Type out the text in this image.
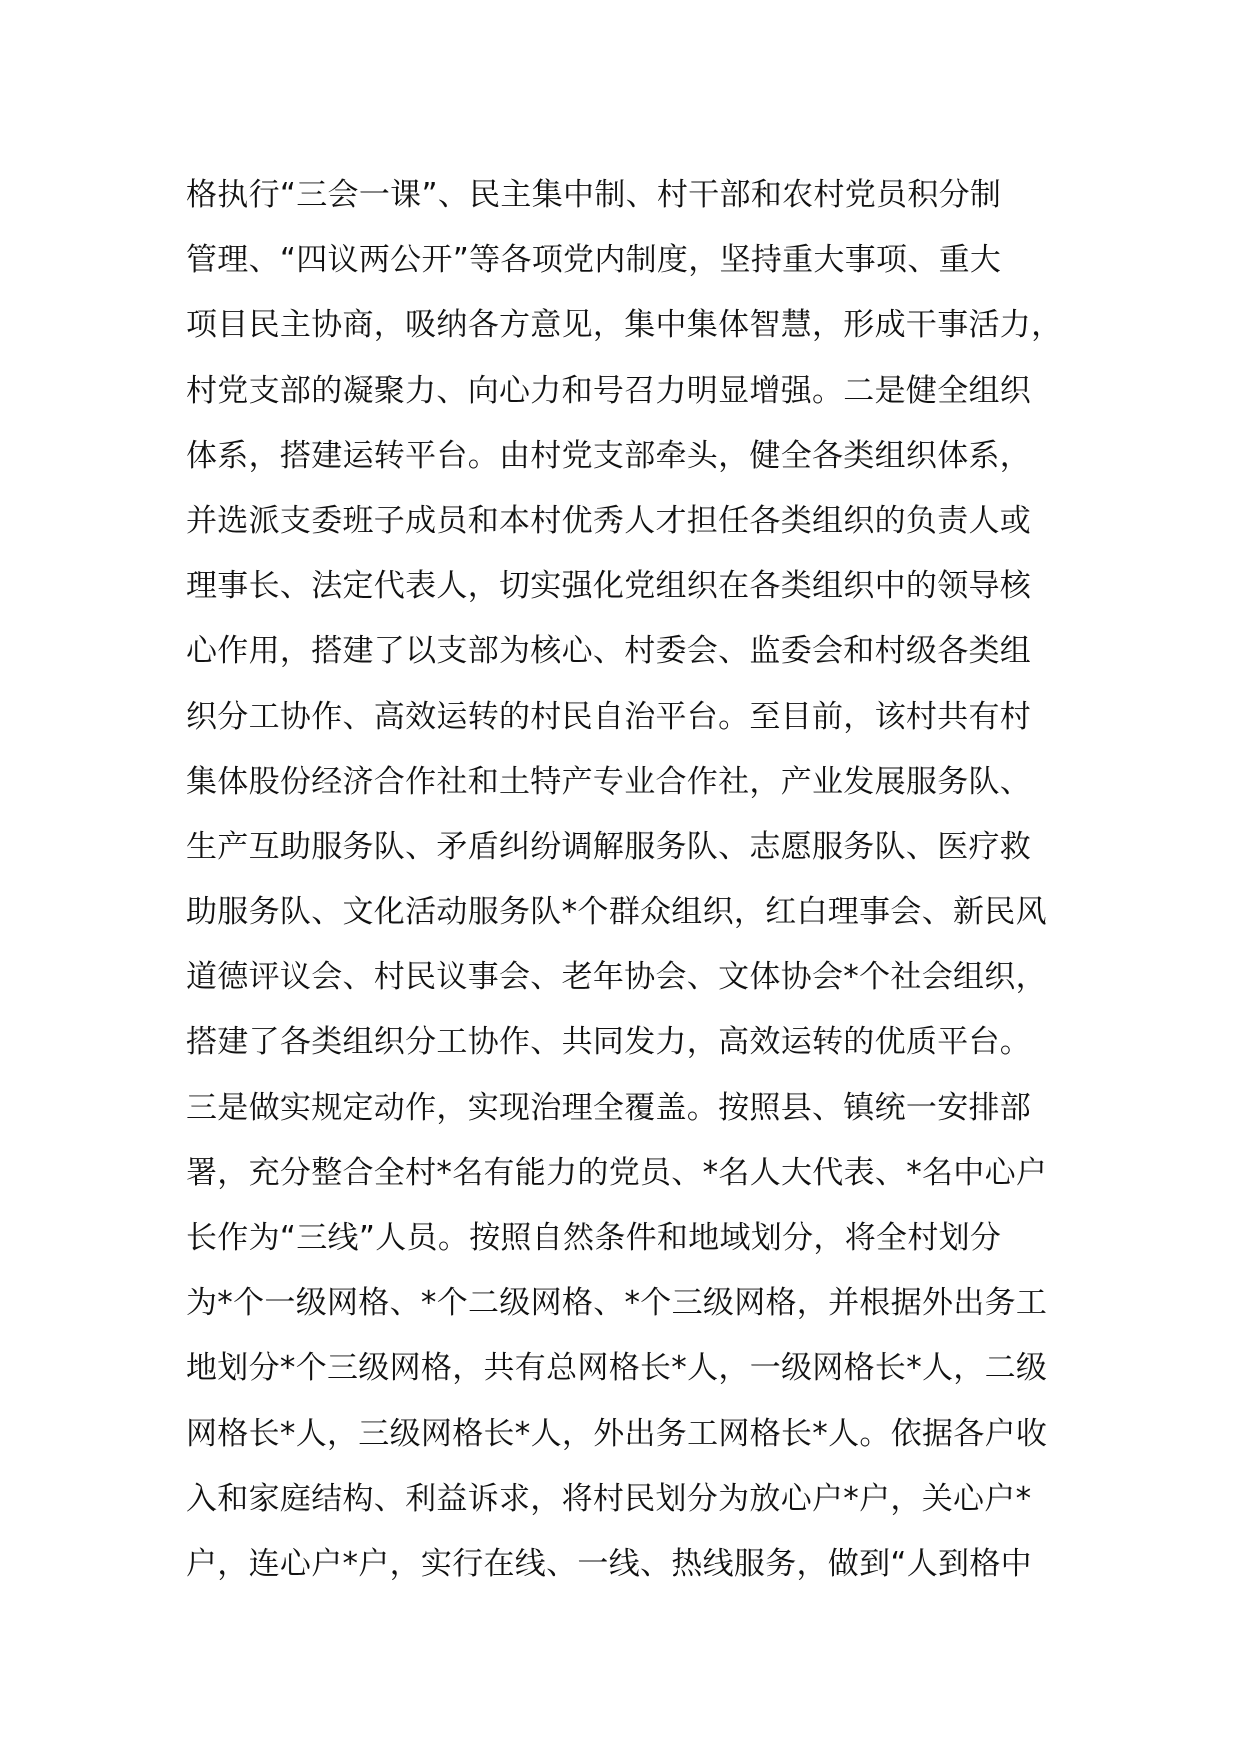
格执行“三会一课”、民主集中制、村干部和农村党员积分制
管理、“四议两公开”等各项党内制度，坚持重大事项、重大
项目民主协商，吸纳各方意见，集中集体智慧，形成干事活力，
村党支部的凝聚力、向心力和号召力明显增强。二是健全组织
体系，搭建运转平台。由村党支部牵头，健全各类组织体系，
并选派支委班子成员和本村优秀人才担任各类组织的负责人或
理事长、法定代表人，切实强化党组织在各类组织中的领导核
心作用，搭建了以支部为核心、村委会、监委会和村级各类组
织分工协作、高效运转的村民自治平台。至目前，该村共有村
集体股份经济合作社和土特产专业合作社，产业发展服务队、
生产互助服务队、矛盾纠纷调解服务队、志愿服务队、医疗救
助服务队、文化活动服务队*个群众组织，红白理事会、新民风
道德评议会、村民议事会、老年协会、文体协会*个社会组织，
搭建了各类组织分工协作、共同发力，高效运转的优质平台。
三是做实规定动作，实现治理全覆盖。按照县、镇统一安排部
署，充分整合全村*名有能力的党员、*名人大代表、*名中心户
长作为“三线”人员。按照自然条件和地域划分，将全村划分
为*个一级网格、*个二级网格、*个三级网格，并根据外出务工
地划分*个三级网格，共有总网格长*人，一级网格长*人，二级
网格长*人，三级网格长*人，外出务工网格长*人。依据各户收
入和家庭结构、利益诉求，将村民划分为放心户*户，关心户*
户，连心户*户，实行在线、一线、热线服务，做到“人到格中
